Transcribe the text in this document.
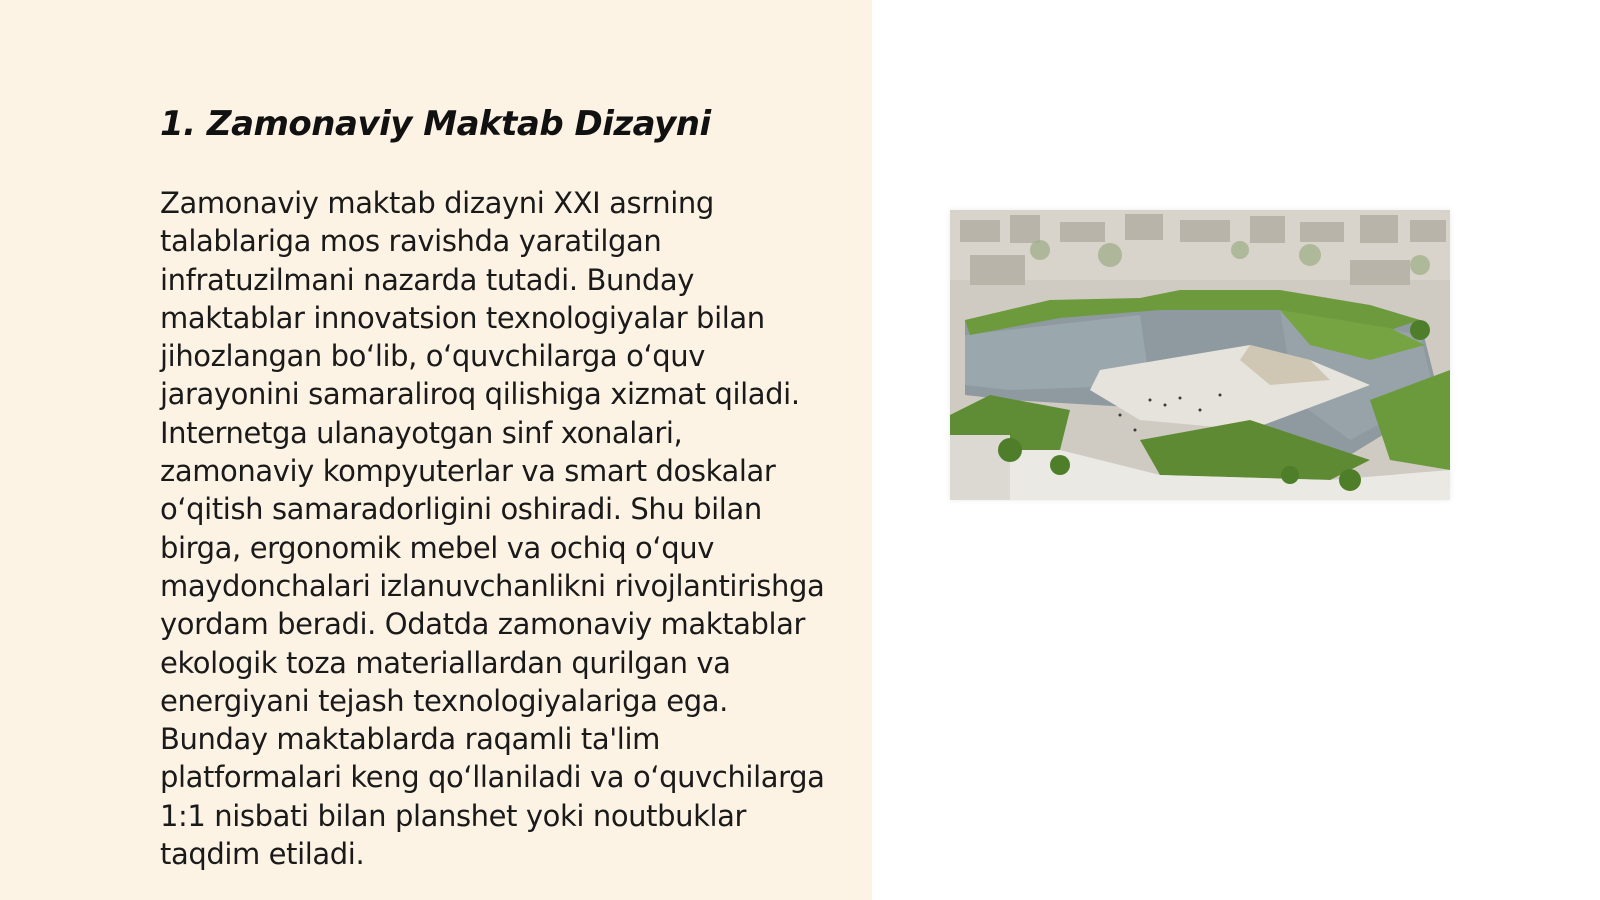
1. Zamonaviy Maktab Dizayni

Zamonaviy maktab dizayni XXI asrning talablariga mos ravishda yaratilgan infratuzilmani nazarda tutadi. Bunday maktablar innovatsion texnologiyalar bilan jihozlangan bo‘lib, o‘quvchilarga o‘quv jarayonini samaraliroq qilishiga xizmat qiladi. Internetga ulanayotgan sinf xonalari, zamonaviy kompyuterlar va smart doskalar o‘qitish samaradorligini oshiradi. Shu bilan birga, ergonomik mebel va ochiq o‘quv maydonchalari izlanuvchanlikni rivojlantirishga yordam beradi. Odatda zamonaviy maktablar ekologik toza materiallardan qurilgan va energiyani tejash texnologiyalariga ega. Bunday maktablarda raqamli ta'lim platformalari keng qo‘llaniladi va o‘quvchilarga 1:1 nisbati bilan planshet yoki noutbuklar taqdim etiladi.
